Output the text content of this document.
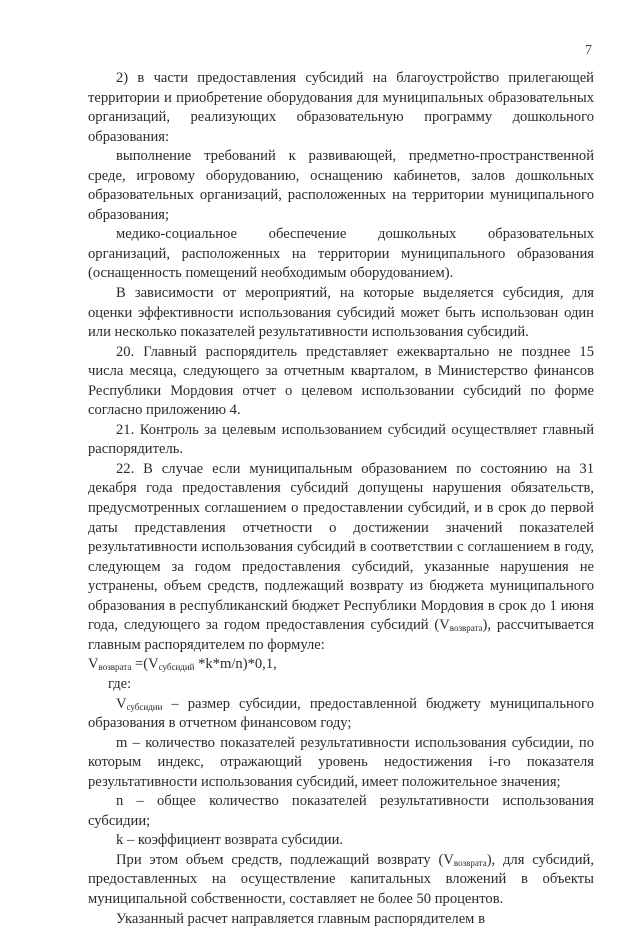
7

2) в части предоставления субсидий на благоустройство прилегающей территории и приобретение оборудования для муниципальных образовательных организаций, реализующих образовательную программу дошкольного образования:

выполнение требований к развивающей, предметно-пространственной среде, игровому оборудованию, оснащению кабинетов, залов дошкольных образовательных организаций, расположенных на территории муниципального образования;

медико-социальное обеспечение дошкольных образовательных организаций, расположенных на территории муниципального образования (оснащенность помещений необходимым оборудованием).

В зависимости от мероприятий, на которые выделяется субсидия, для оценки эффективности использования субсидий может быть использован один или несколько показателей результативности использования субсидий.

20. Главный распорядитель представляет ежеквартально не позднее 15 числа месяца, следующего за отчетным кварталом, в Министерство финансов Республики Мордовия отчет о целевом использовании субсидий по форме согласно приложению 4.

21. Контроль за целевым использованием субсидий осуществляет главный распорядитель.

22. В случае если муниципальным образованием по состоянию на 31 декабря года предоставления субсидий допущены нарушения обязательств, предусмотренных соглашением о предоставлении субсидий, и в срок до первой даты представления отчетности о достижении значений показателей результативности использования субсидий в соответствии с соглашением в году, следующем за годом предоставления субсидий, указанные нарушения не устранены, объем средств, подлежащий возврату из бюджета муниципального образования в республиканский бюджет Республики Мордовия в срок до 1 июня года, следующего за годом предоставления субсидий $(V_{возврата})$, рассчитывается главным распорядителем по формуле:

$V_{возврата} =(V_{субсидий}$ *k*m/n)*0,1,

где:

$V_{субсидии}$ – размер субсидии, предоставленной бюджету муниципального образования в отчетном финансовом году;

m – количество показателей результативности использования субсидии, по которым индекс, отражающий уровень недостижения i-го показателя результативности использования субсидий, имеет положительное значения;

n – общее количество показателей результативности использования субсидии;

k – коэффициент возврата субсидии.

При этом объем средств, подлежащий возврату $(V_{возврата})$, для субсидий, предоставленных на осуществление капитальных вложений в объекты муниципальной собственности, составляет не более 50 процентов.

Указанный расчет направляется главным распорядителем в
